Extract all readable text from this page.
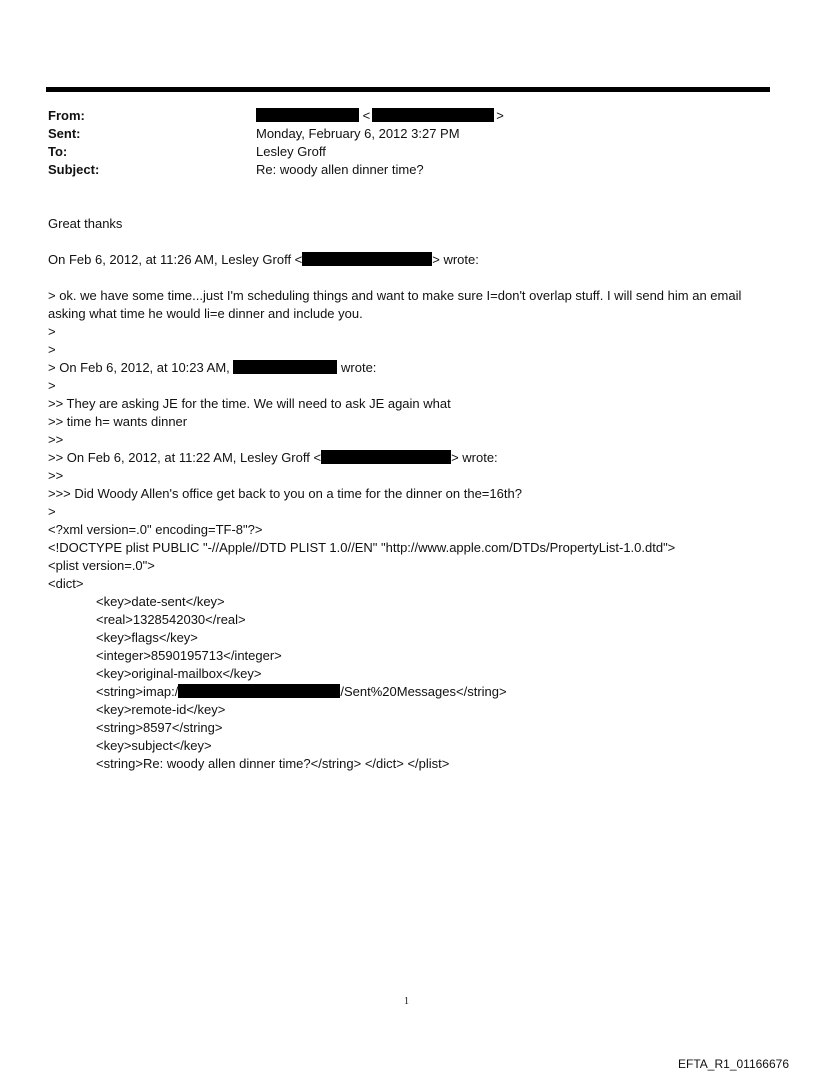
From:	<	>
Sent:	Monday, February 6, 2012 3:27 PM
To:	Lesley Groff
Subject:	Re: woody allen dinner time?
Great thanks
On Feb 6, 2012, at 11:26 AM, Lesley Groff <	> wrote:
> ok. we have some time...just I'm scheduling things and want to make sure I=don't overlap stuff. I will send him an email asking what time he would li=e dinner and include you.
>
>
> On Feb 6, 2012, at 10:23 AM,	wrote:
>
>> They are asking JE for the time. We will need to ask JE again what
>> time h= wants dinner
>>
>> On Feb 6, 2012, at 11:22 AM, Lesley Groff <	> wrote:
>>
>>> Did Woody Allen's office get back to you on a time for the dinner on the=16th?
>
<?xml version=.0" encoding=TF-8"?>
<!DOCTYPE plist PUBLIC "-//Apple//DTD PLIST 1.0//EN" "http://www.apple.com/DTDs/PropertyList-1.0.dtd">
<plist version=.0">
<dict>
<key>date-sent</key>
<real>1328542030</real>
<key>flags</key>
<integer>8590195713</integer>
<key>original-mailbox</key>
<string>imap:/	/Sent%20Messages</string>
<key>remote-id</key>
<string>8597</string>
<key>subject</key>
<string>Re: woody allen dinner time?</string> </dict> </plist>
1
EFTA_R1_01166676
